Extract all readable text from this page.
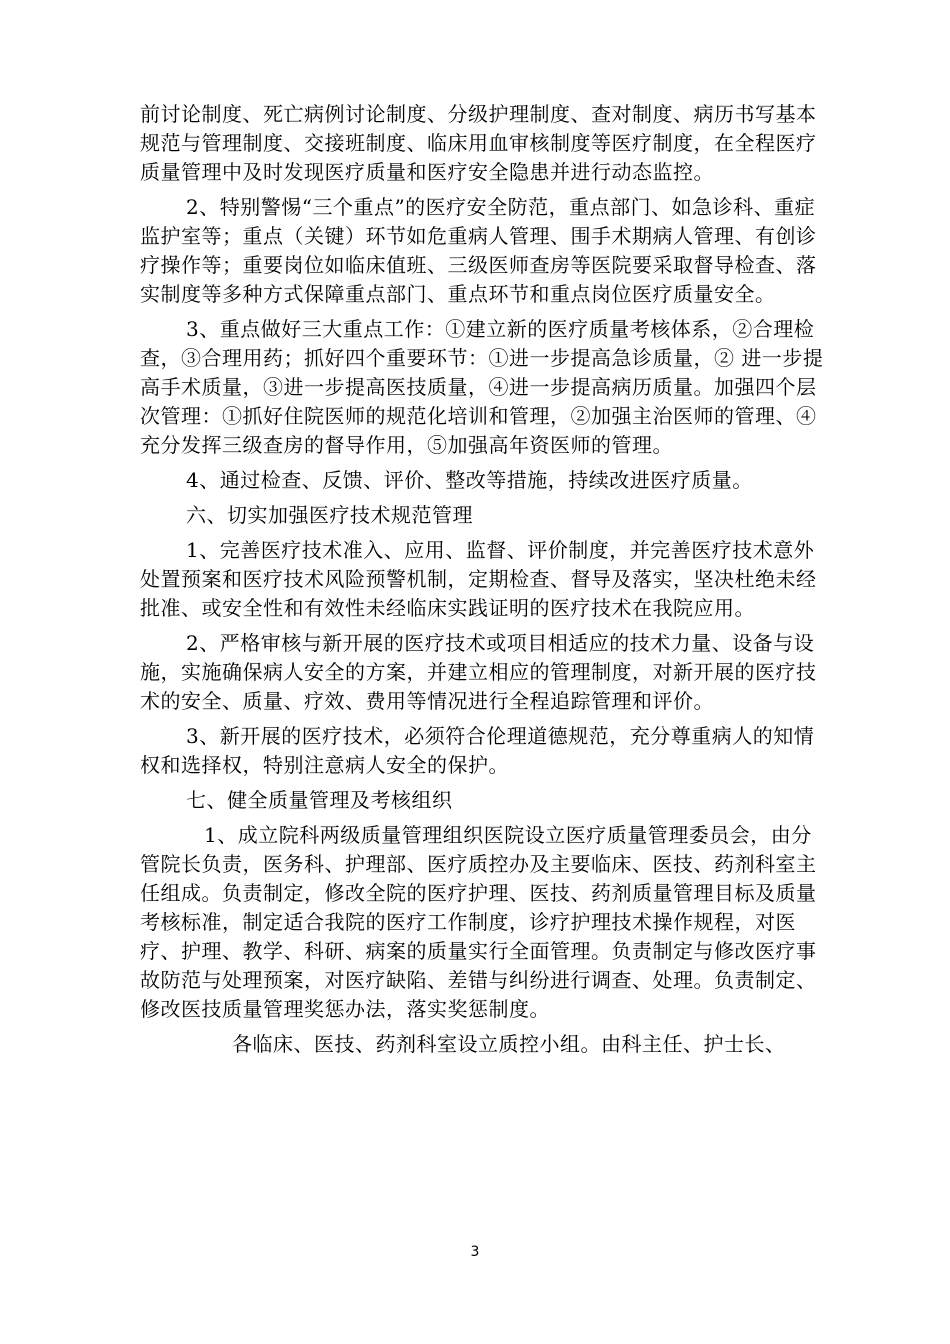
前讨论制度、死亡病例讨论制度、分级护理制度、查对制度、病历书写基本规范与管理制度、交接班制度、临床用血审核制度等医疗制度，在全程医疗质量管理中及时发现医疗质量和医疗安全隐患并进行动态监控。

2、特别警惕“三个重点”的医疗安全防范，重点部门、如急诊科、重症监护室等；重点（关键）环节如危重病人管理、围手术期病人管理、有创诊疗操作等；重要岗位如临床值班、三级医师查房等医院要采取督导检查、落实制度等多种方式保障重点部门、重点环节和重点岗位医疗质量安全。

3、重点做好三大重点工作：①建立新的医疗质量考核体系，②合理检查，③合理用药；抓好四个重要环节：①进一步提高急诊质量，② 进一步提高手术质量，③进一步提高医技质量，④进一步提高病历质量。加强四个层次管理：①抓好住院医师的规范化培训和管理，②加强主治医师的管理、④充分发挥三级查房的督导作用，⑤加强高年资医师的管理。

4、通过检查、反馈、评价、整改等措施，持续改进医疗质量。

六、切实加强医疗技术规范管理

1、完善医疗技术准入、应用、监督、评价制度，并完善医疗技术意外处置预案和医疗技术风险预警机制，定期检查、督导及落实，坚决杜绝未经批准、或安全性和有效性未经临床实践证明的医疗技术在我院应用。

2、严格审核与新开展的医疗技术或项目相适应的技术力量、设备与设施，实施确保病人安全的方案，并建立相应的管理制度，对新开展的医疗技术的安全、质量、疗效、费用等情况进行全程追踪管理和评价。

3、新开展的医疗技术，必须符合伦理道德规范，充分尊重病人的知情权和选择权，特别注意病人安全的保护。

七、健全质量管理及考核组织

1、成立院科两级质量管理组织医院设立医疗质量管理委员会，由分管院长负责，医务科、护理部、医疗质控办及主要临床、医技、药剂科室主任组成。负责制定，修改全院的医疗护理、医技、药剂质量管理目标及质量考核标准，制定适合我院的医疗工作制度，诊疗护理技术操作规程，对医疗、护理、教学、科研、病案的质量实行全面管理。负责制定与修改医疗事故防范与处理预案，对医疗缺陷、差错与纠纷进行调查、处理。负责制定、修改医技质量管理奖惩办法，落实奖惩制度。

各临床、医技、药剂科室设立质控小组。由科主任、护士长、

3
